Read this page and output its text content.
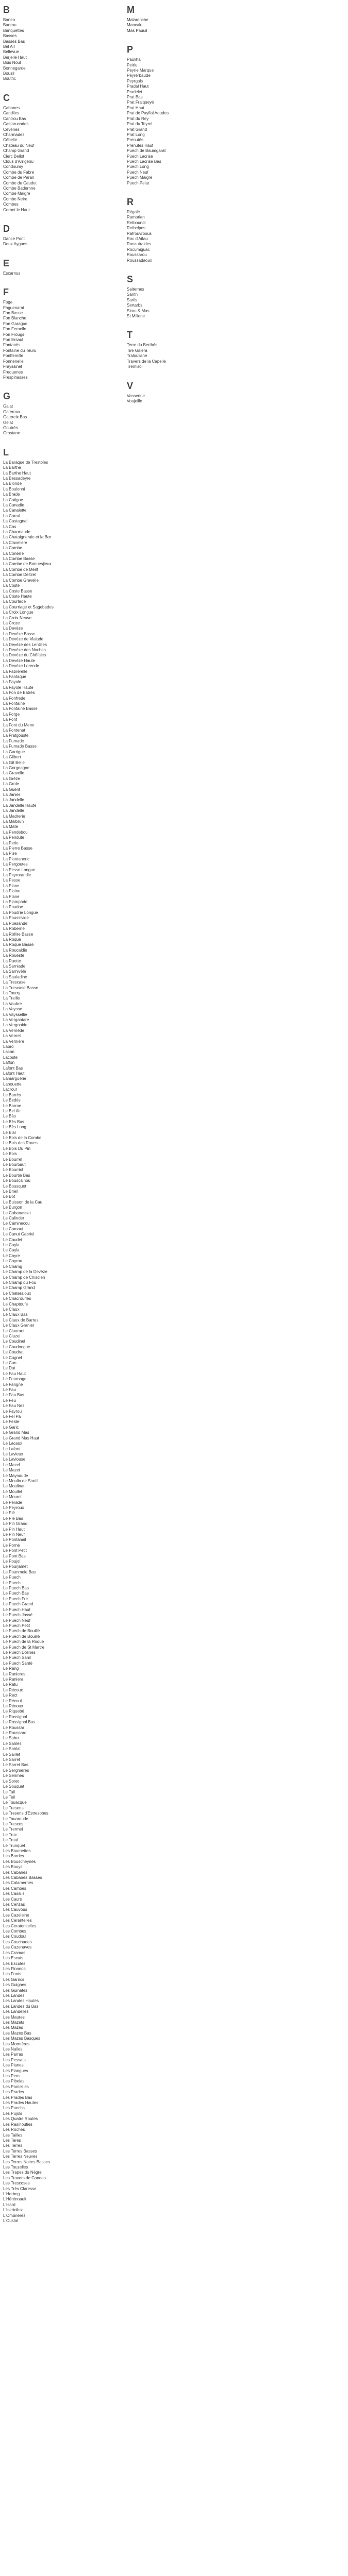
B
Baneo
Banrau
Banquettes
Basses
Basses Bas
Bel Air
Bellevue
Berjelle Haut
Bois Noul
Bonnegarde
Bousil
Boutric
C
Cabanes
Candiles
Cantrou Bas
Castarucades
Cévènes
Charmades
Cébelie
Chateau du Neuf
Champ Grand
Clerc Bellot
Clous d'Arrigeou
Condoumy
Combe du Fabre
Combe de Paran
Combe du Caudet
Combe Badernne
Combe Maigre
Combe Neire
Combes
Cornet le Haut
D
Dance Pont
Deux Aygues
E
Escarnus
F
Faga
Faguenarat
Fon Basse
Fon Blanche
Fon Garague
Fon Fernelle
Fon Frougs
Fon Ersaut
Fontanès
Fontaine du Teuru
Fontfemille
Fonnenelle
Frayssinet
Frequenes
Frespinasses
G
Galat
Gateroux
Gatereix Bas
Gelat
Goutrés
Grastane
L
La Baraque de Trestoles
La Barthe
La Barthe Haut
La Bessadeyre
La Blonde
La Boulonni
La Brade
La Catigoe
La Canadie
La Canalette
La Carral
La Castagnal
La Cas
La Charmaude
La Chataigneraie et la Bor
La Claveliere
La Combe
La Coneille
La Combe Basse
La Combe de Bonnesjieux
La Combe de Merlt
La Combe Deltirel
La Combe Gravelle
La Coste
La Coste Basse
La Coste Haute
La Courtade
La Courriage et Sagebades
La Croix Longue
La Croix Neuve
La Croze
La Devèze
La Devèze Basse
La Devèze de Vialade
La Devèze des Lentilles
La Devèze des Noches
La Devèze du Chêfales
La Devèze Haute
La Devèze Lorende
La Fabrerelle
La Fantaque
La Fayole
La Fayole Haute
La Fon de Batrés
La Fonfrede
La Fontaine
La Fontaine Basse
La Forge
La Font
La Font du Mene
La Fontenat
La Fratgouste
La Fumade
La Fumade Basse
La Garrigue
La Gilbert
La Gît Belle
La Gorgeagne
La Gravelle
La Grèze
La Grole
La Guerit
La Janier
La Jandelle
La Jandelle Haute
La Jandelle
La Madrerie
La Malbrun
La Mate
La Pendebou
La Pendute
La Perie
La Pierre Basse
La Pise
La Plantaneric
La Pergoutes
La Pesse Longue
La Peyrorandie
La Pesse
La Plane
La Plaine
La Plane
La Plampade
La Poudne
La Poudrie Longue
La Poussivide
La Puesande
La Roberne
La Rollire Basse
La Roque
La Roque Basse
La Roucaldie
La Roueste
La Ruette
La Sarniade
La Sarnivèle
La Sauladine
La Trescase
La Trescase Basse
La Tourry
La Treille
La Vaubre
La Vaysse
La Vayssellie
La Vergantare
La Vergnaide
La Vernède
La Vernet
La Vernière
Labro
Lacan
Lacoste
Laffon
Lafont Bas
Lafont Haut
Lamarguerie
Lanouette
Lacrour
Le Barrès
Le Bedès
Le Barroe
Le Bel Air
Le Bès
Le Bès Bas
Le Bès Long
Le Bial
Le Bois de la Combe
Le Bois des Roucs
Le Bois Du Pin
Le Bois
Le Bourrel
Le Bourbaut
Le Bourriol
Le Bourtie Bas
Le Bouscalhou
Le Bousquet
Le Brieil
Le Bot
Le Buisson de la Cau
Le Burgon
Le Cabanasset
Le Calinder
Le Caminecou
Le Camaut
Le Canut Gabriel
Le Caudet
Le Cayla
Le Cayla
Le Cayre
Le Cayrou
Le Chamg
Le Champ de la Devèze
Le Champ de Chisdien
Le Champ du Fou
Le Champ Grand
Le Chateraloux
Le Chacrourles
Le Chaptoufe
Le Claux
Le Claux Bas
Le Claux de Barres
Le Claux Granier
Le Claurant
Le Cluzel
Le Coudinel
Le Coudongue
Le Coudrat
Le Cugnel
Le Cun
Le Dat
Le Fau Haut
Le Fournage
Le Fangne
Le Fau
Le Fau Bas
Le Feu
Le Fau Nes
Le Fayrou
Le Fel Pa
Le Felde
Le Garic
Le Grand Mas
Le Grand Mas Haut
Le Lacaux
Le Lafont
Le Lavieux
Le Laviouse
Le Mazel
Le Mazet
Le Maynaude
Le Moulin de Santil
Le Moulinat
Le Moullet
Le Mouret
Le Pérade
Le Peyroux
Le Pié
Le Pié Bas
Le Pin Grand
Le Pin Haut
Le Pin Neuf
Le Pontanail
Le Porné
Le Pont Petit
Le Pont Bas
Le Poujol
Le Pourjamet
Le Pounmeie Bas
Le Puech
Le Puech
Le Puech Bas
Le Puech Bas
Le Puech Fre
Le Puech Grand
Le Puech Haut
Le Puech Jassé
Le Puech Neuf
Le Puech Petit
Le Puech de Bouillé
Le Puech de Bouillé
Le Puech de la Roque
Le Puech de St Martre
Le Puech Dolines
Le Puech Sanil
Le Puech Santé
Le Rang
Le Ranieres
Le Raniera
Le Ratu
Le Récoux
Le Rect
Le Récoul
Le Rénoux
Le Riquebé
Le Rossignol
Le Rossignol Bas
Le Roussar
Le Roussard
Le Sabut
Le Sahlès
Le Sahlat
Le Saillet
Le Sarret
Le Sarret Bas
Le Sergmères
Le Serimes
Le Soret
Le Souquet
Le Tail
Le Teil
Le Touacque
Le Tresens
Le Tresens d'Estresobes
Le Touaroude
Le Trescos
Le Trermei
Le Truc
Le Trual
Le Trunquet
Les Baumettes
Les Bordes
Les Bouscheynes
Les Bouys
Les Cabanes
Les Cabanes Basses
Les Calamernes
Les Cambes
Les Casalis
Les Caurs
Les Cenzas
Les Cauvous
Les Cazeleine
Les Cerantelles
Les Ceratomielles
Les Combes
Les Coudoul
Les Couchades
Les Cazenaves
Les Cramas
Les Escats
Les Escules
Les Flonnos
Les Fonts
Les Garrics
Les Guignes
Les Guinates
Les Landes
Les Landes Hautes
Les Landes du Bas
Les Landelles
Les Maures
Les Mazets
Les Mazes
Les Mazes Bas
Les Mazes Basques
Les Mormères
Les Nailes
Les Parras
Les Pessats
Les Planes
Les Piangues
Les Pens
Les Pibelas
Les Ponteilles
Les Prades
Les Prades Bas
Les Prades Hautes
Les Puechs
Les Pujols
Les Quatre Routes
Les Rasinouties
Les Roches
Les Tailles
Les Teres
Les Terres
Les Terres Basses
Les Terres Neuves
Les Terres Noires Basses
Les Touzelles
Les Trapes du Nègre
Les Travers de Candes
Les Trescoses
Les Très Claresse
L'Herbeg
L'Hérénnault
L'Isard
L'Isertoliez
L'Ombrieres
L'Oustal
M
Malarenche
Mancalu
Mas Pauuil
P
Pauliha
Peiriu
Peyrie Marque
Peyrerbaude
Peyrgals
Pradal Haut
Pradelet
Prat Bas
Prat Fraiqueyé
Prat Haut
Prat de Payfial Aoudes
Prat du Rey
Prat du Teyrel
Prat Grand
Prat Long
Prenutés
Prenutés Haut
Puech de Baumgarat
Puech Lacrise
Puech Lacrise Bas
Puech Long
Puech Neuf
Puech Maigre
Puech Pelat
R
Régalé
Ramarlan
Retbouncl
Retbelpes
Rafrouvrbous
Roc d'Aifau
Rocautraldes
Rocumiguac
Roussarou
Roussadaoux
S
Salternes
Sarith
Sarils
Sertarbs
Sirou & Mas
St Millene
T
Terre du Berthés
Tire Galera
Tralouliane
Travers de la Capelle
Tremisol
V
Vasserine
Voujeille
